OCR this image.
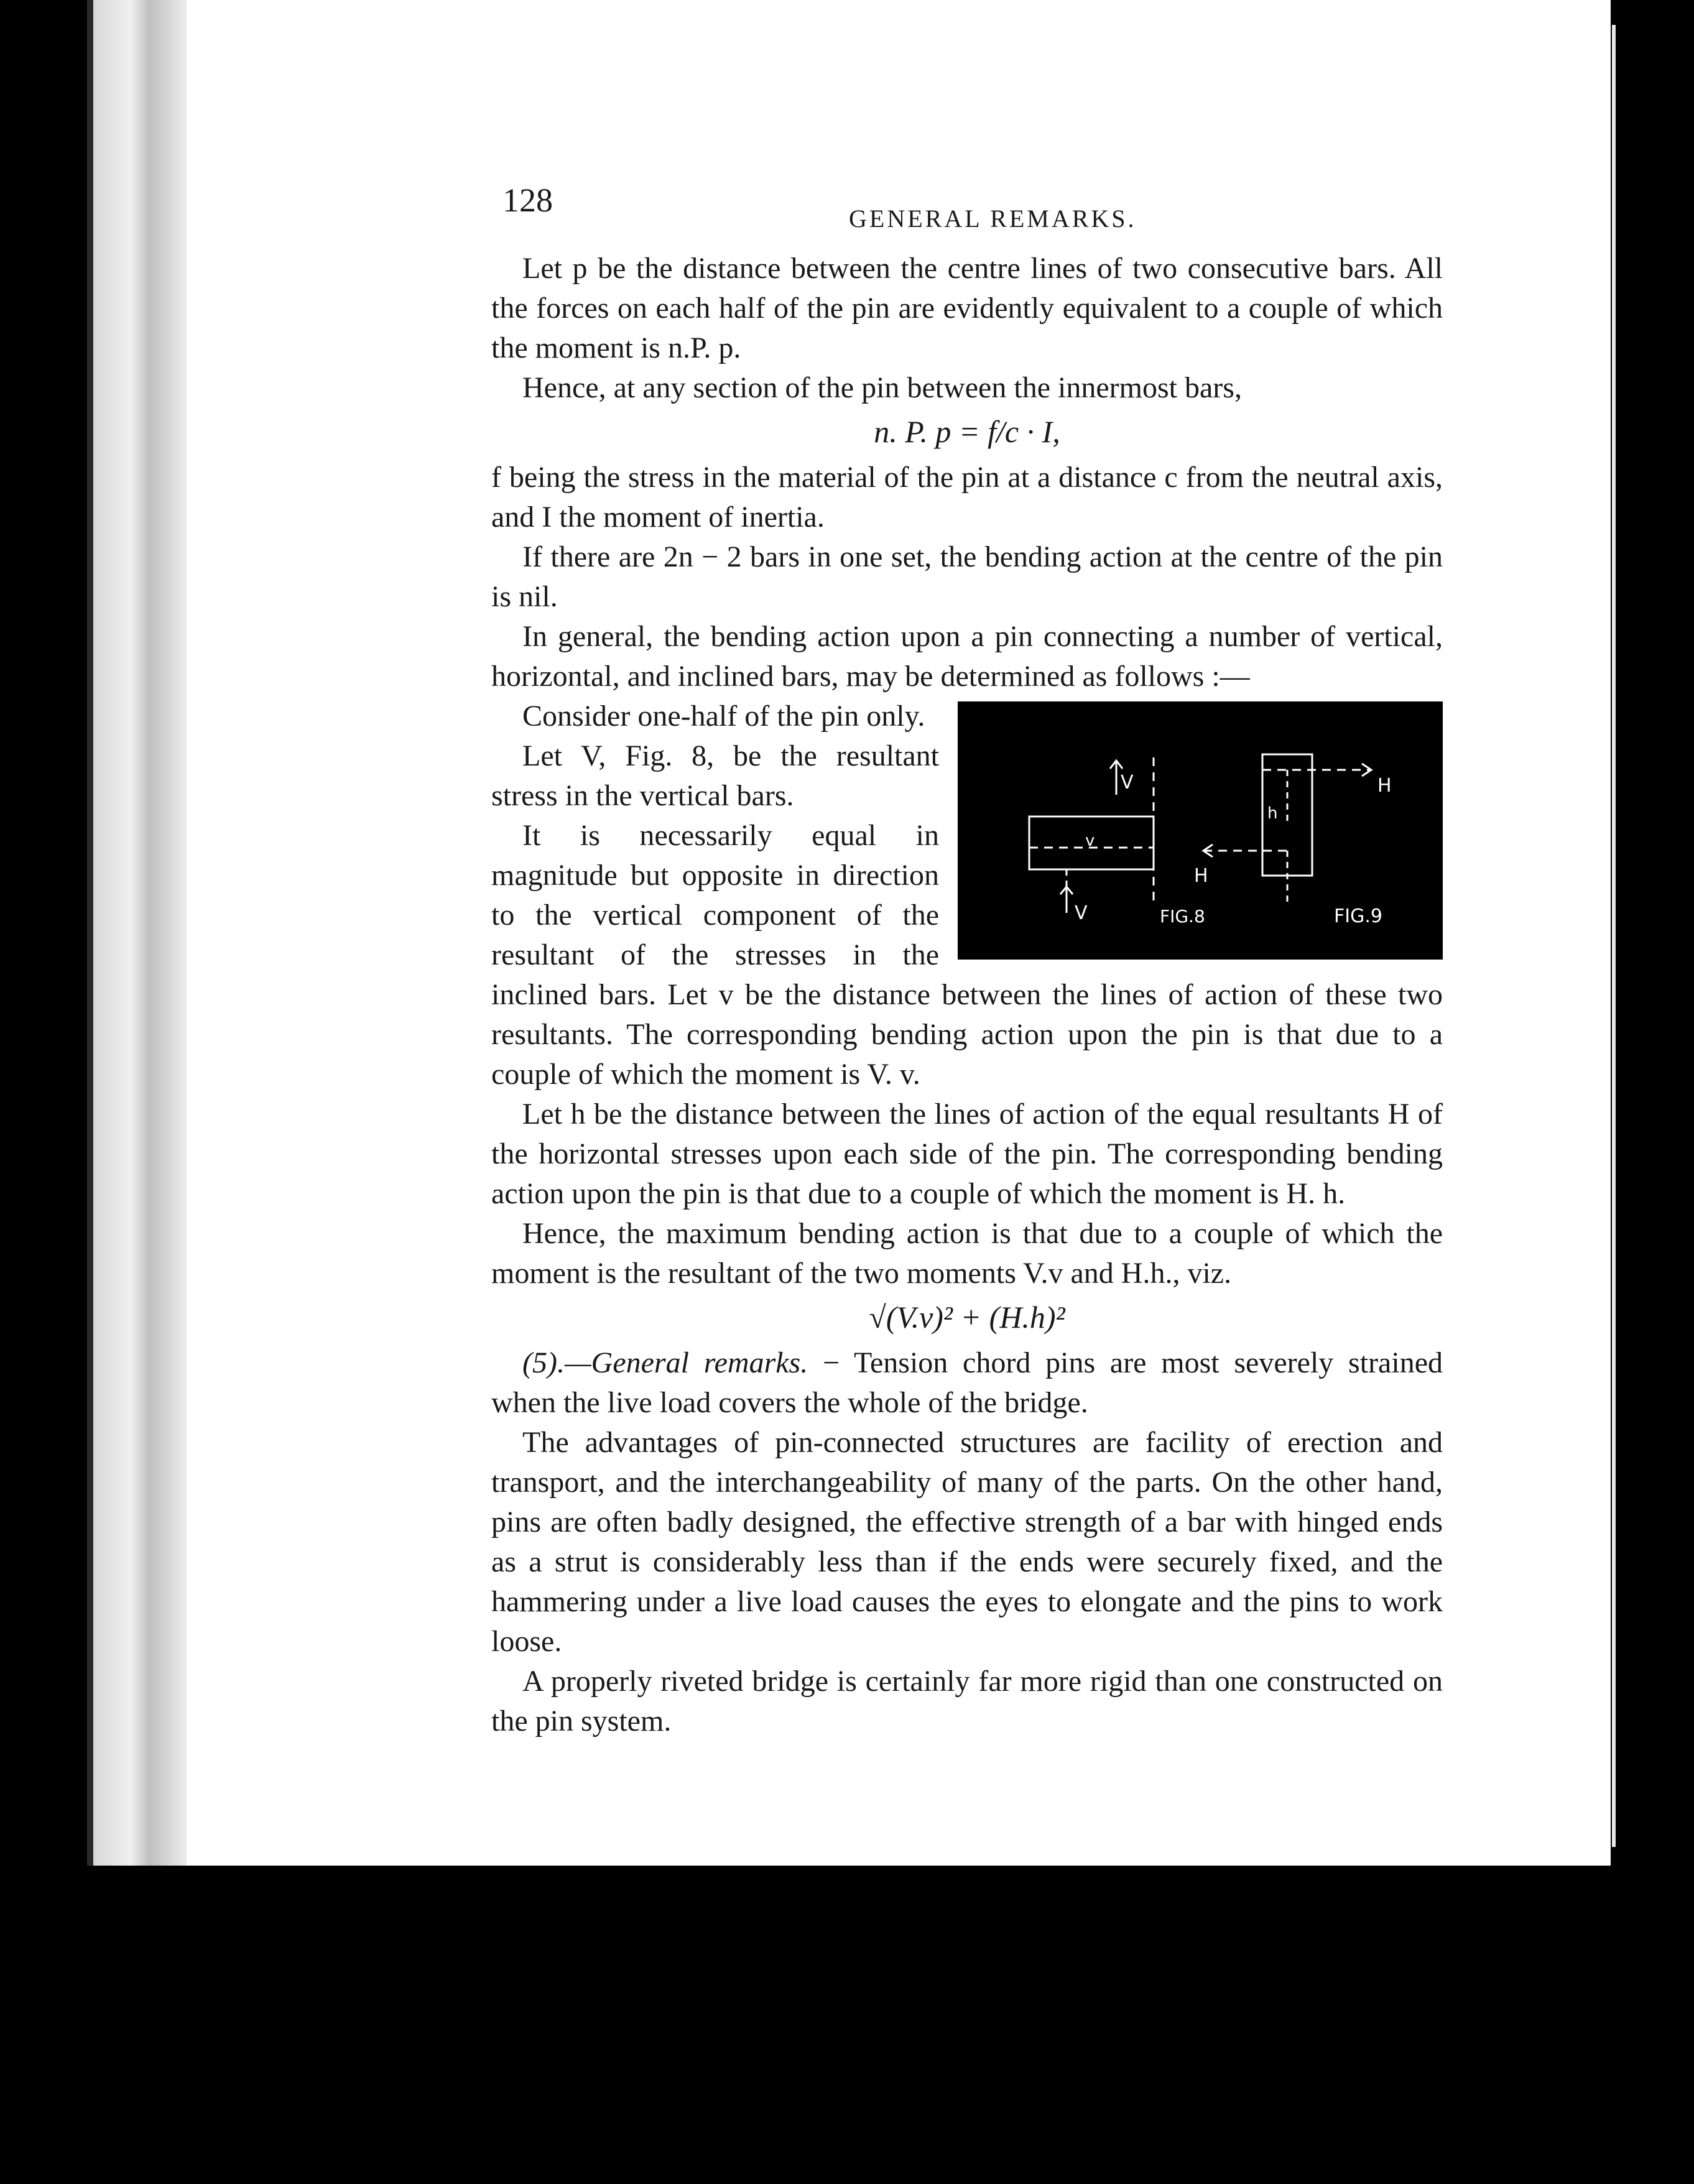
128	GENERAL REMARKS.

Let p be the distance between the centre lines of two consecutive bars. All the forces on each half of the pin are evidently equivalent to a couple of which the moment is n.P. p.

Hence, at any section of the pin between the innermost bars,

n. P. p = f/c · I,

f being the stress in the material of the pin at a distance c from the neutral axis, and I the moment of inertia.

If there are 2n − 2 bars in one set, the bending action at the centre of the pin is nil.

In general, the bending action upon a pin connecting a number of vertical, horizontal, and inclined bars, may be determined as follows :—

V
v
V	FIG.8
H
H
h
FIG.9

Consider one-half of the pin only.

Let V, Fig. 8, be the resultant stress in the vertical bars.

It is necessarily equal in magnitude but opposite in direction to the vertical component of the resultant of the stresses in the inclined bars. Let v be the distance between the lines of action of these two resultants. The corresponding bending action upon the pin is that due to a couple of which the moment is V. v.

Let h be the distance between the lines of action of the equal resultants H of the horizontal stresses upon each side of the pin. The corresponding bending action upon the pin is that due to a couple of which the moment is H. h.

Hence, the maximum bending action is that due to a couple of which the moment is the resultant of the two moments V.v and H.h., viz.

√(V.v)² + (H.h)²

(5).—General remarks. − Tension chord pins are most severely strained when the live load covers the whole of the bridge.

The advantages of pin-connected structures are facility of erection and transport, and the interchangeability of many of the parts. On the other hand, pins are often badly designed, the effective strength of a bar with hinged ends as a strut is considerably less than if the ends were securely fixed, and the hammering under a live load causes the eyes to elongate and the pins to work loose.

A properly riveted bridge is certainly far more rigid than one constructed on the pin system.
